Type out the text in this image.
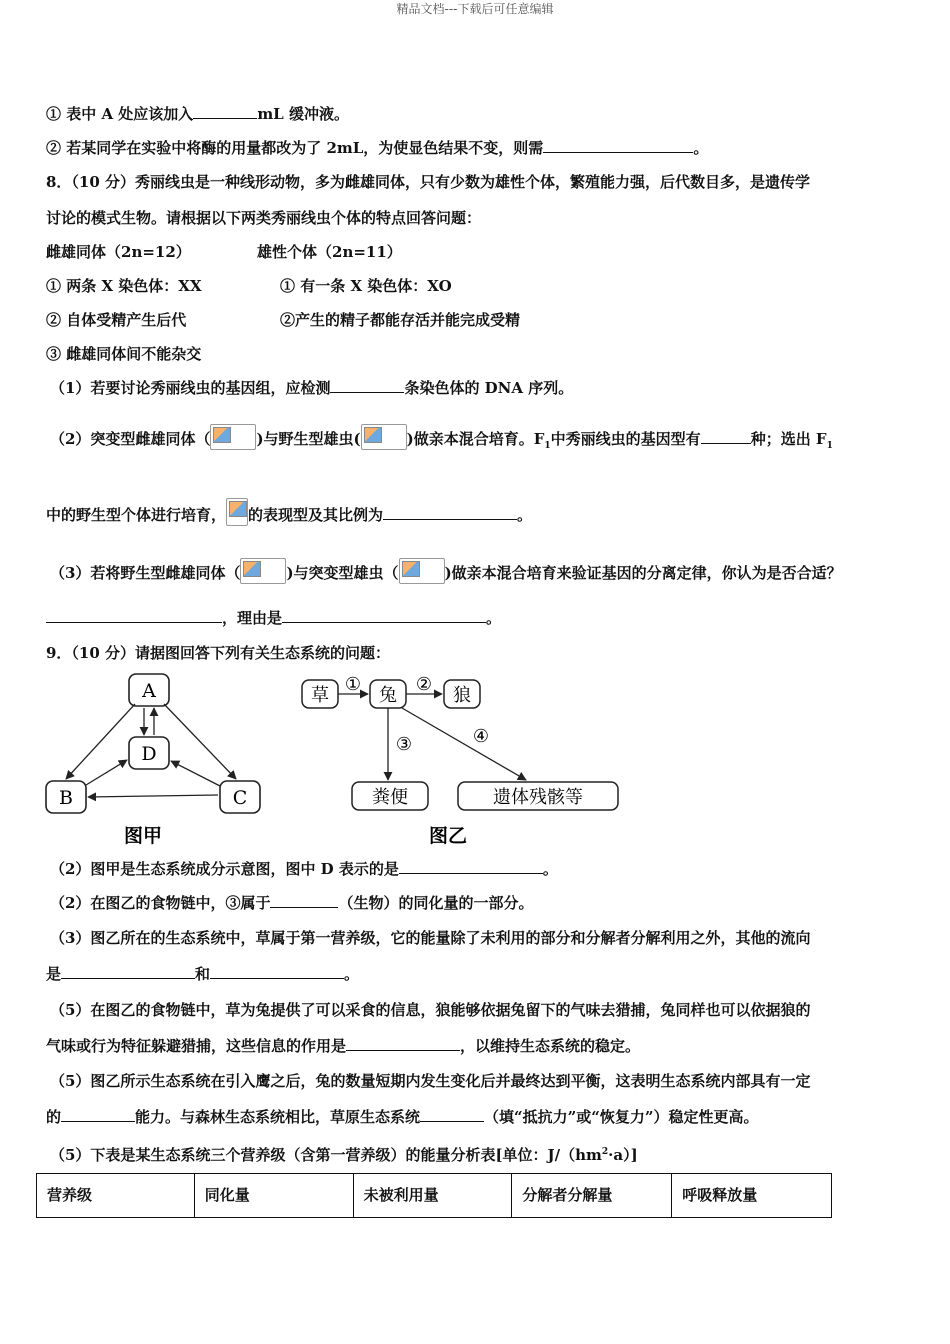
精品文档---下载后可任意编辑
① 表中 A 处应该加入	mL 缓冲液。
② 若某同学在实验中将酶的用量都改为了 2mL，为使显色结果不变，则需	。
8．（10 分）秀丽线虫是一种线形动物，多为雌雄同体，只有少数为雄性个体，繁殖能力强，后代数目多，是遗传学
讨论的模式生物。请根据以下两类秀丽线虫个体的特点回答问题：
雌雄同体（2n=12）	雄性个体（2n=11）
① 两条 X 染色体：XX	① 有一条 X 染色体：XO
② 自体受精产生后代	②产生的精子都能存活并能完成受精
③ 雌雄同体间不能杂交
（1）若要讨论秀丽线虫的基因组，应检测	条染色体的 DNA 序列。
（2）突变型雌雄同体（	)与野生型雄虫(	)做亲本混合培育。$F_1$中秀丽线虫的基因型有	种；选出 $F_1$
中的野生型个体进行培育， 的表现型及其比例为	。
（3）若将野生型雌雄同体（	)与突变型雄虫（	)做亲本混合培育来验证基因的分离定律，你认为是否合适？
，理由是	。
9．（10 分）请据图回答下列有关生态系统的问题：
A
D
B	C
图甲
草	兔	狼
粪便	遗体残骸等
①	②
③	④
图乙
（2）图甲是生态系统成分示意图，图中 D 表示的是	。
（2）在图乙的食物链中，③属于	（生物）的同化量的一部分。
（3）图乙所在的生态系统中，草属于第一营养级，它的能量除了未利用的部分和分解者分解利用之外，其他的流向
是	和	。
（5）在图乙的食物链中，草为兔提供了可以采食的信息，狼能够依据兔留下的气味去猎捕，兔同样也可以依据狼的
气味或行为特征躲避猎捕，这些信息的作用是	，以维持生态系统的稳定。
（5）图乙所示生态系统在引入鹰之后，兔的数量短期内发生变化后并最终达到平衡，这表明生态系统内部具有一定
的	能力。与森林生态系统相比，草原生态系统	（填“抵抗力”或“恢复力”）稳定性更高。
（5）下表是某生态系统三个营养级（含第一营养级）的能量分析表[单位：$J/(hm^2\cdot a)$]
营养级	同化量	未被利用量	分解者分解量	呼吸释放量
